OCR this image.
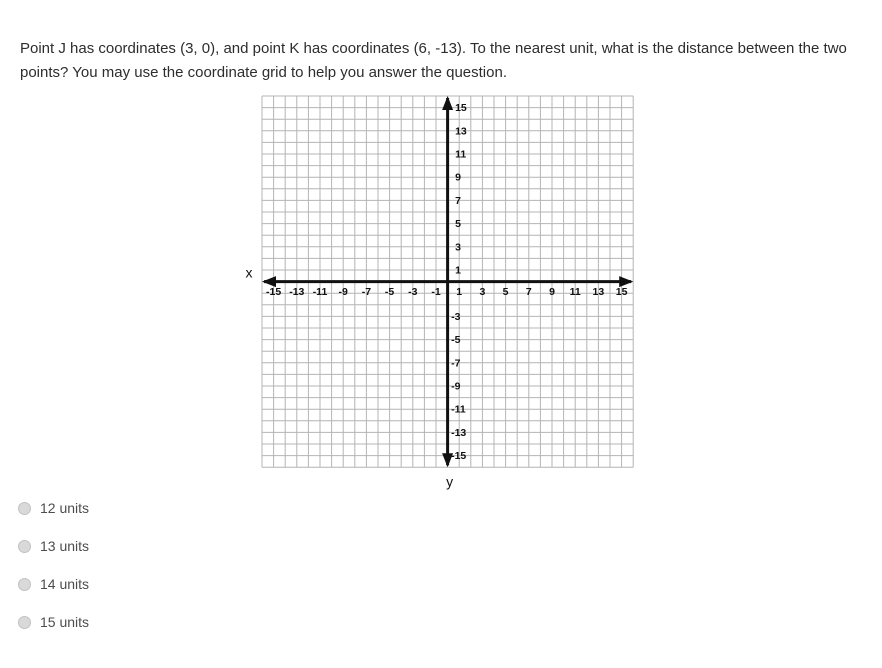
Point J has coordinates (3, 0), and point K has coordinates (6, -13). To the nearest unit, what is the distance between the two points? You may use the coordinate grid to help you answer the question.

-15 -13 -11 -9 -7 -5 -3 -1 1 3 5 7 9 11 13 15
15
13
11
9
7
5
3
1
-3
-5
-7
-9
-11
-13
-15
x
y
12 units
13 units
14 units
15 units
